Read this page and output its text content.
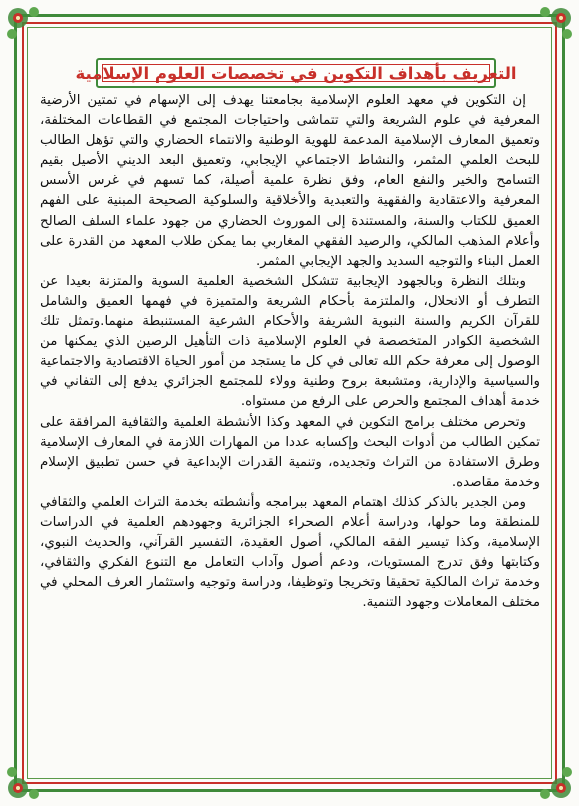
التعريف بأهداف التكوين في تخصصات العلوم الإسلامية

إن التكوين في معهد العلوم الإسلامية بجامعتنا يهدف إلى الإسهام في تمتين الأرضية المعرفية في علوم الشريعة والتي تتماشى واحتياجات المجتمع في القطاعات المختلفة، وتعميق المعارف الإسلامية المدعمة للهوية الوطنية والانتماء الحضاري والتي تؤهل الطالب للبحث العلمي المثمر، والنشاط الاجتماعي الإيجابي، وتعميق البعد الديني الأصيل بقيم التسامح والخير والنفع العام، وفق نظرة علمية أصيلة، كما تسهم في غرس الأسس المعرفية والاعتقادية والفقهية والتعبدية والأخلاقية والسلوكية الصحيحة المبنية على الفهم العميق للكتاب والسنة، والمستندة إلى الموروث الحضاري من جهود علماء السلف الصالح وأعلام المذهب المالكي، والرصيد الفقهي المغاربي بما يمكن طلاب المعهد من القدرة على العمل البناء والتوجيه السديد والجهد الإيجابي المثمر.

وبتلك النظرة وبالجهود الإيجابية تتشكل الشخصية العلمية السوية والمتزنة بعيدا عن التطرف أو الانحلال، والملتزمة بأحكام الشريعة والمتميزة في فهمها العميق والشامل للقرآن الكريم والسنة النبوية الشريفة والأحكام الشرعية المستنبطة منهما.وتمثل تلك الشخصية الكوادر المتخصصة في العلوم الإسلامية ذات التأهيل الرصين الذي يمكنها من الوصول إلى معرفة حكم الله تعالى في كل ما يستجد من أمور الحياة الاقتصادية والاجتماعية والسياسية والإدارية، ومتشبعة بروح وطنية وولاء للمجتمع الجزائري يدفع إلى التفاني في خدمة أهداف المجتمع والحرص على الرفع من مستواه.

وتحرص مختلف برامج التكوين في المعهد وكذا الأنشطة العلمية والثقافية المرافقة على تمكين الطالب من أدوات البحث وإكسابه عددا من المهارات اللازمة في المعارف الإسلامية وطرق الاستفادة من التراث وتجديده، وتنمية القدرات الإبداعية في حسن تطبيق الإسلام وخدمة مقاصده.

ومن الجدير بالذكر كذلك اهتمام المعهد ببرامجه وأنشطته بخدمة التراث العلمي والثقافي للمنطقة وما حولها، ودراسة أعلام الصحراء الجزائرية وجهودهم العلمية في الدراسات الإسلامية، وكذا تيسير الفقه المالكي، أصول العقيدة، التفسير القرآني، والحديث النبوي، وكتابتها وفق تدرج المستويات، ودعم أصول وآداب التعامل مع التنوع الفكري والثقافي، وخدمة تراث المالكية تحقيقا وتخريجا وتوظيفا، ودراسة وتوجيه واستثمار العرف المحلي في مختلف المعاملات وجهود التنمية.
